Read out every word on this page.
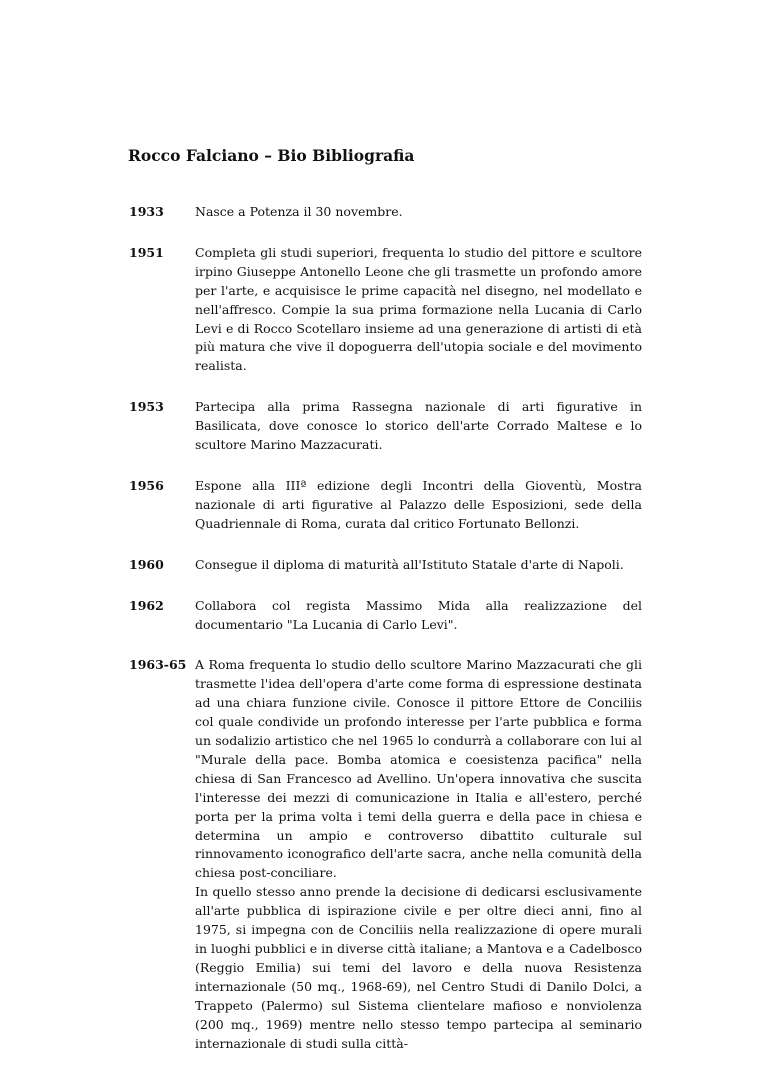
Rocco Falciano – Bio Bibliografia
1933	Nasce a Potenza il 30 novembre.

1951	Completa gli studi superiori, frequenta lo studio del pittore e scultore irpino Giuseppe Antonello Leone che gli trasmette un profondo amore per l'arte, e acquisisce le prime capacità nel disegno, nel modellato e nell'affresco. Compie la sua prima formazione nella Lucania di Carlo Levi e di Rocco Scotellaro insieme ad una generazione di artisti di età più matura che vive il dopoguerra dell'utopia sociale e del movimento realista.

1953	Partecipa alla prima Rassegna nazionale di arti figurative in Basilicata, dove conosce lo storico dell'arte Corrado Maltese e lo scultore Marino Mazzacurati.

1956	Espone alla IIIª edizione degli Incontri della Gioventù, Mostra nazionale di arti figurative al Palazzo delle Esposizioni, sede della Quadriennale di Roma, curata dal critico Fortunato Bellonzi.

1960	Consegue il diploma di maturità all'Istituto Statale d'arte di Napoli.

1962	Collabora col regista Massimo Mida alla realizzazione del documentario "La Lucania di Carlo Levi".

1963-65 A Roma frequenta lo studio dello scultore Marino Mazzacurati che gli trasmette l'idea dell'opera d'arte come forma di espressione destinata ad una chiara funzione civile. Conosce il pittore Ettore de Conciliis col quale condivide un profondo interesse per l'arte pubblica e forma un sodalizio artistico che nel 1965 lo condurrà a collaborare con lui al "Murale della pace. Bomba atomica e coesistenza pacifica" nella chiesa di San Francesco ad Avellino. Un'opera innovativa che suscita l'interesse dei mezzi di comunicazione in Italia e all'estero, perché porta per la prima volta i temi della guerra e della pace in chiesa e determina un ampio e controverso dibattito culturale sul rinnovamento iconografico dell'arte sacra, anche nella comunità della chiesa post-conciliare.

In quello stesso anno prende la decisione di dedicarsi esclusivamente all'arte pubblica di ispirazione civile e per oltre dieci anni, fino al 1975, si impegna con de Conciliis nella realizzazione di opere murali in luoghi pubblici e in diverse città italiane; a Mantova e a Cadelbosco (Reggio Emilia) sui temi del lavoro e della nuova Resistenza internazionale (50 mq., 1968-69), nel Centro Studi di Danilo Dolci, a Trappeto (Palermo) sul Sistema clientelare mafioso e nonviolenza (200 mq., 1969) mentre nello stesso tempo partecipa al seminario internazionale di studi sulla città-
